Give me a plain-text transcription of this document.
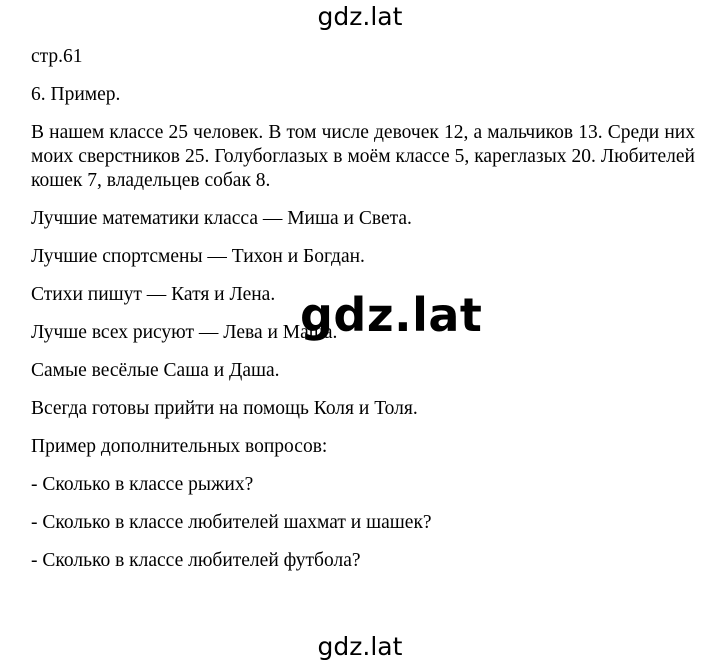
gdz.lat

стр.61

6. Пример.

В нашем классе 25 человек. В том числе девочек 12, а мальчиков 13. Среди них моих сверстников 25. Голубоглазых в моём классе 5, кареглазых 20. Любителей кошек 7, владельцев собак 8.

Лучшие математики класса — Миша и Света.

Лучшие спортсмены — Тихон и Богдан.

Стихи пишут — Катя и Лена.

Лучше всех рисуют — Лева и Маша.

Самые весёлые Саша и Даша.

Всегда готовы прийти на помощь Коля и Толя.

Пример дополнительных вопросов:

- Сколько в классе рыжих?

- Сколько в классе любителей шахмат и шашек?

- Сколько в классе любителей футбола?

gdz.lat
gdz.lat
